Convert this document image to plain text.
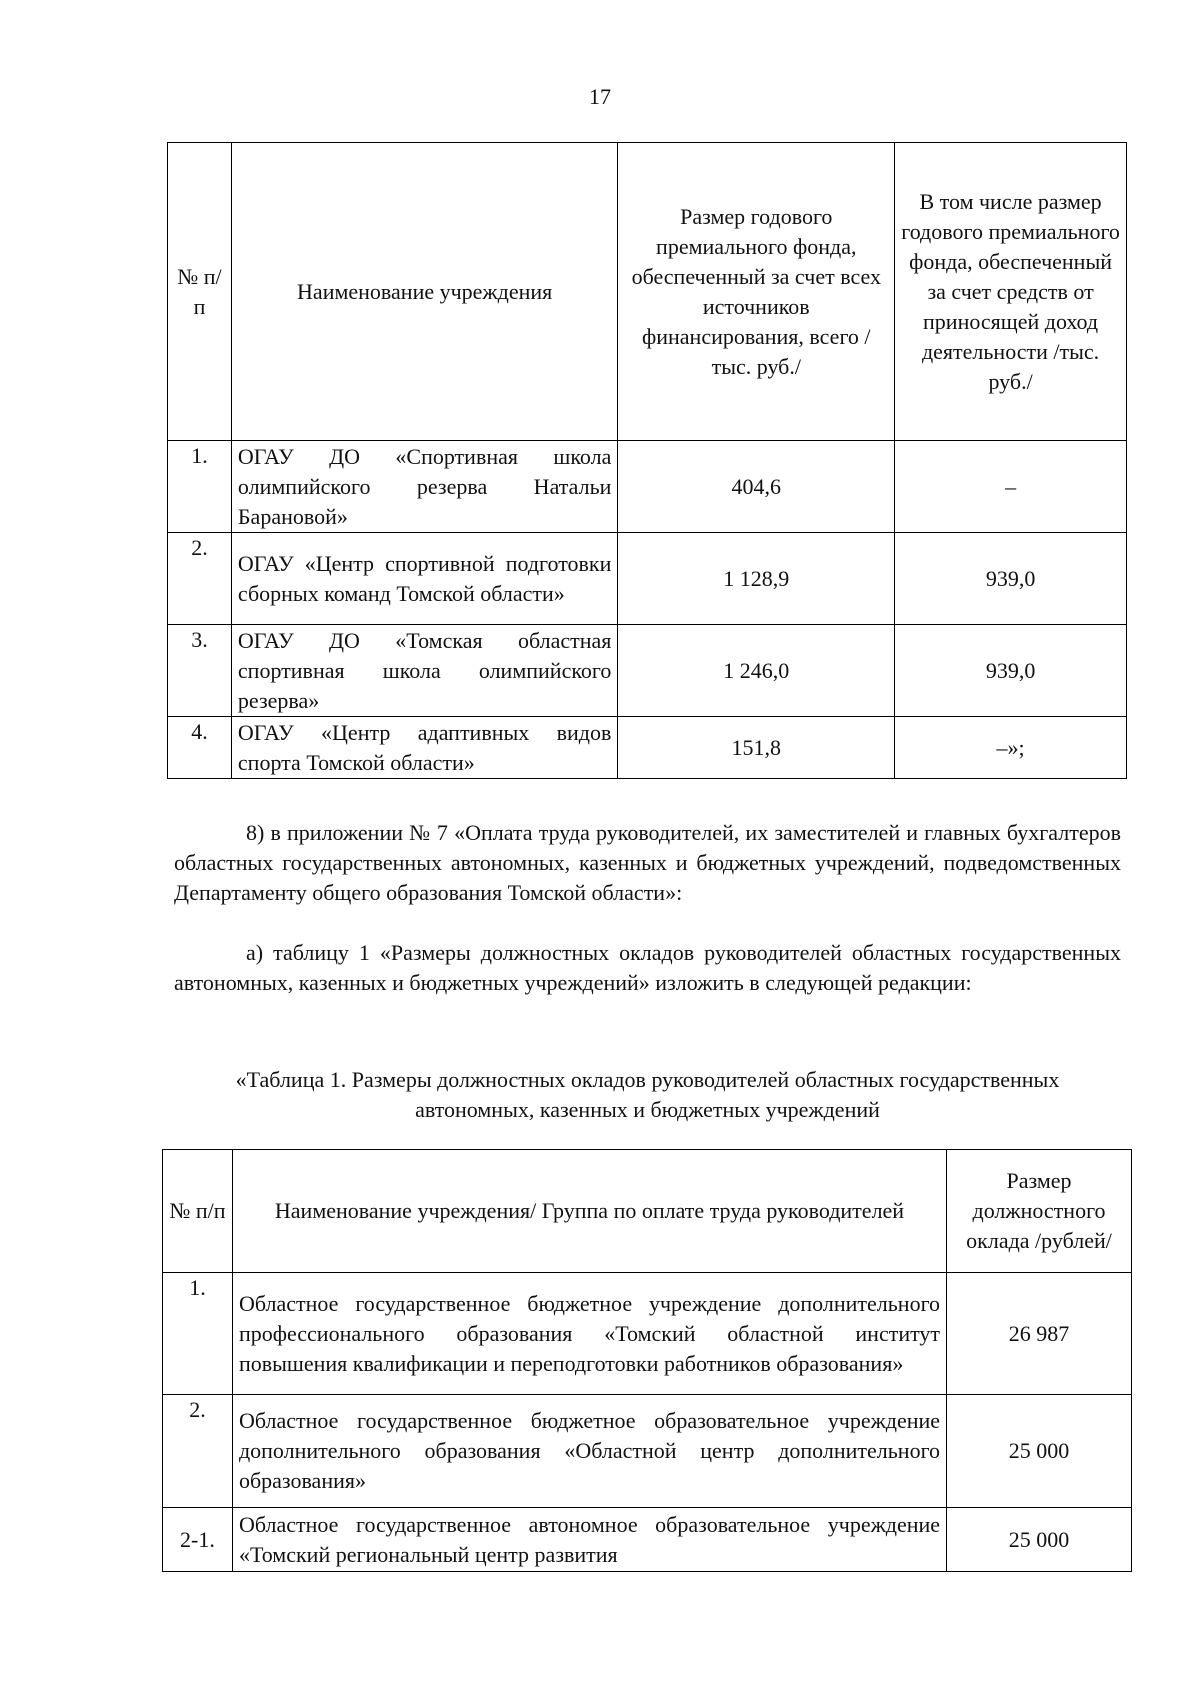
17
№ п/п	Наименование учреждения	Размер годового премиального фонда, обеспеченный за счет всех источников финансирования, всего /тыс. руб./	В том числе размер годового премиального фонда, обеспеченный за счет средств от приносящей доход деятельности /тыс. руб./
1.	ОГАУ ДО «Спортивная школа олимпийского резерва Натальи Барановой»	404,6	–
2.	ОГАУ «Центр спортивной подготовки сборных команд Томской области»	1 128,9	939,0
3.	ОГАУ ДО «Томская областная спортивная школа олимпийского резерва»	1 246,0	939,0
4.	ОГАУ «Центр адаптивных видов спорта Томской области»	151,8	–»;

8) в приложении № 7 «Оплата труда руководителей, их заместителей и главных бухгалтеров областных государственных автономных, казенных и бюджетных учреждений, подведомственных Департаменту общего образования Томской области»:

а) таблицу 1 «Размеры должностных окладов руководителей областных государственных автономных, казенных и бюджетных учреждений» изложить в следующей редакции:

«Таблица 1. Размеры должностных окладов руководителей областных государственных автономных, казенных и бюджетных учреждений

№ п/п	Наименование учреждения/ Группа по оплате труда руководителей	Размер должностного оклада /рублей/
1.	Областное государственное бюджетное учреждение дополнительного профессионального образования «Томский областной институт повышения квалификации и переподготовки работников образования»	26 987
2.	Областное государственное бюджетное образовательное учреждение дополнительного образования «Областной центр дополнительного образования»	25 000
2-1.	Областное государственное автономное образовательное учреждение «Томский региональный центр развития	25 000
